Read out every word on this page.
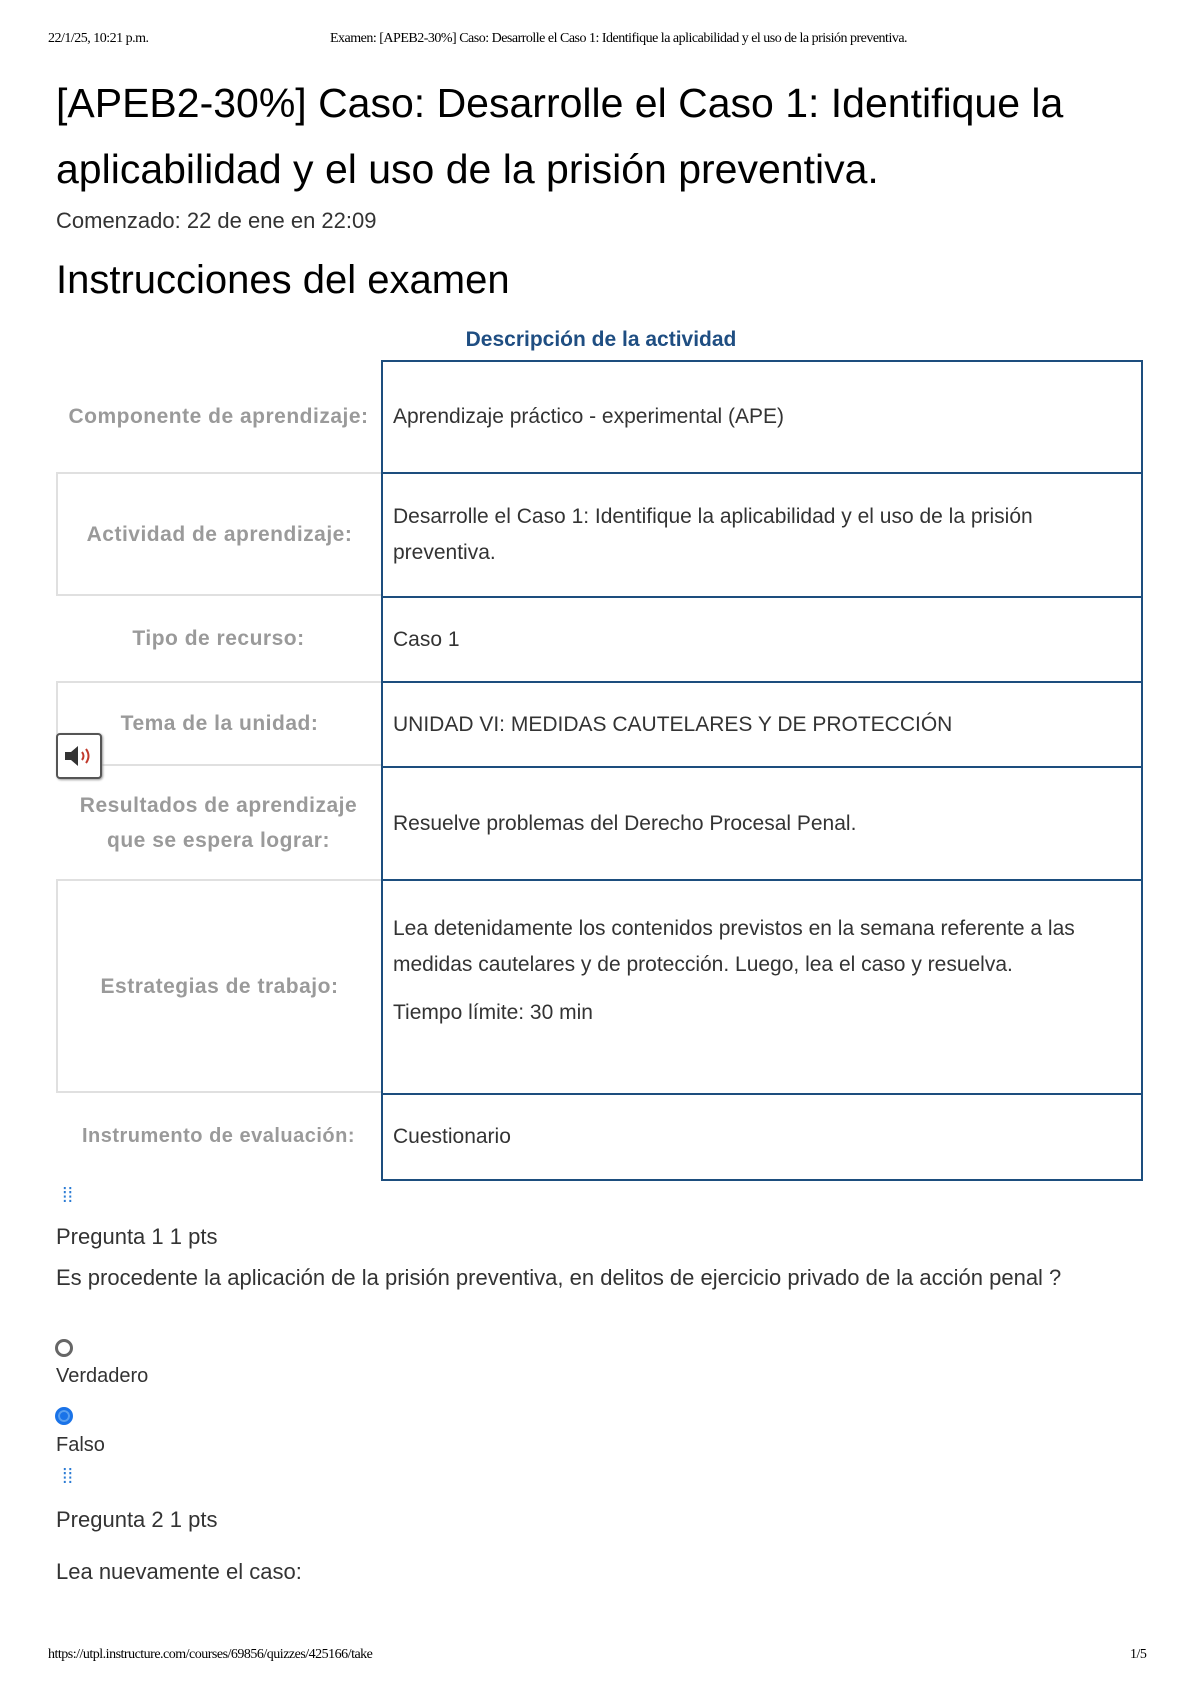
22/1/25, 10:21 p.m.	Examen: [APEB2-30%] Caso: Desarrolle el Caso 1: Identifique la aplicabilidad y el uso de la prisión preventiva.
[APEB2-30%] Caso: Desarrolle el Caso 1: Identifique la aplicabilidad y el uso de la prisión preventiva.
Comenzado: 22 de ene en 22:09
Instrucciones del examen
Descripción de la actividad
Componente de aprendizaje:	Aprendizaje práctico - experimental (APE)
Actividad de aprendizaje:
Desarrolle el Caso 1: Identifique la aplicabilidad y el uso de la prisión preventiva.
Tipo de recurso:	Caso 1
Tema de la unidad:	UNIDAD VI: MEDIDAS CAUTELARES Y DE PROTECCIÓN
Resultados de aprendizaje que se espera lograr:
Resuelve problemas del Derecho Procesal Penal.
Estrategias de trabajo:
Lea detenidamente los contenidos previstos en la semana referente a las medidas cautelares y de protección. Luego, lea el caso y resuelva.
Tiempo límite: 30 min
Instrumento de evaluación:	Cuestionario
⁞⁞
Pregunta 1 1 pts
Es procedente la aplicación de la prisión preventiva, en delitos de ejercicio privado de la acción penal ?
Verdadero
Falso
⁞⁞
Pregunta 2 1 pts
Lea nuevamente el caso:
https://utpl.instructure.com/courses/69856/quizzes/425166/take	1/5
